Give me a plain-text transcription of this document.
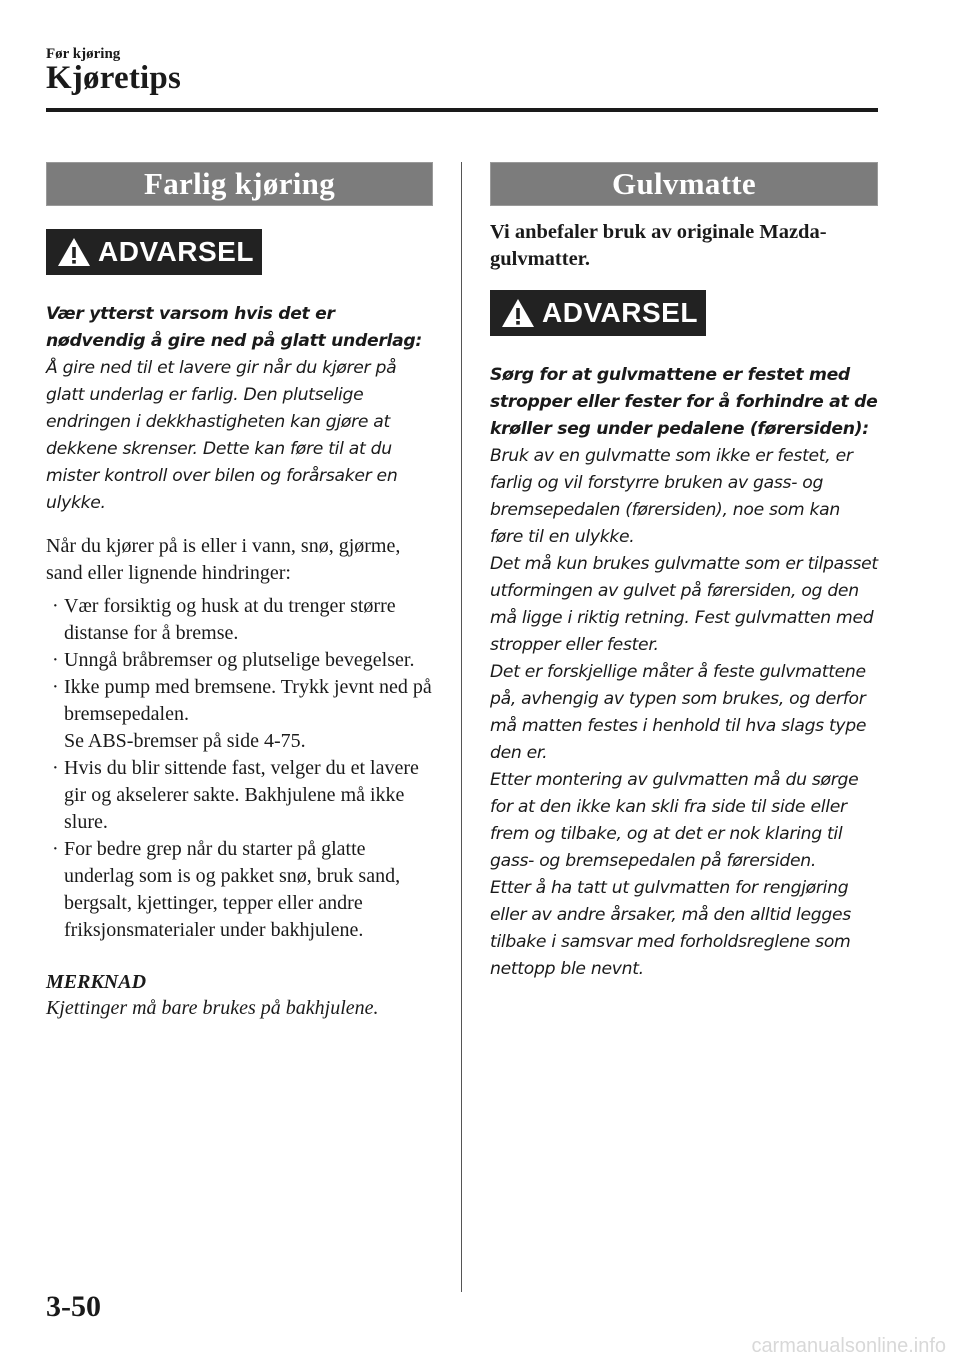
Før kjøring
Kjøretips
Farlig kjøring
ADVARSEL
Vær ytterst varsom hvis det er nødvendig å gire ned på glatt underlag:
Å gire ned til et lavere gir når du kjører på glatt underlag er farlig. Den plutselige endringen i dekkhastigheten kan gjøre at dekkene skrenser. Dette kan føre til at du mister kontroll over bilen og forårsaker en ulykke.

Når du kjører på is eller i vann, snø, gjørme, sand eller lignende hindringer:

· Vær forsiktig og husk at du trenger større distanse for å bremse.
· Unngå bråbremser og plutselige bevegelser.
· Ikke pump med bremsene. Trykk jevnt ned på bremsepedalen.
Se ABS-bremser på side 4-75.
· Hvis du blir sittende fast, velger du et lavere gir og akselerer sakte. Bakhjulene må ikke slure.
· For bedre grep når du starter på glatte underlag som is og pakket snø, bruk sand, bergsalt, kjettinger, tepper eller andre friksjonsmaterialer under bakhjulene.
MERKNAD
Kjettinger må bare brukes på bakhjulene.
Gulvmatte
Vi anbefaler bruk av originale Mazda-gulvmatter.
ADVARSEL
Sørg for at gulvmattene er festet med stropper eller fester for å forhindre at de krøller seg under pedalene (førersiden):
Bruk av en gulvmatte som ikke er festet, er farlig og vil forstyrre bruken av gass- og bremsepedalen (førersiden), noe som kan føre til en ulykke.
Det må kun brukes gulvmatte som er tilpasset utformingen av gulvet på førersiden, og den må ligge i riktig retning. Fest gulvmatten med stropper eller fester.
Det er forskjellige måter å feste gulvmattene på, avhengig av typen som brukes, og derfor må matten festes i henhold til hva slags type den er.
Etter montering av gulvmatten må du sørge for at den ikke kan skli fra side til side eller frem og tilbake, og at det er nok klaring til gass- og bremsepedalen på førersiden.
Etter å ha tatt ut gulvmatten for rengjøring eller av andre årsaker, må den alltid legges tilbake i samsvar med forholdsreglene som nettopp ble nevnt.
3-50
carmanualsonline.info
